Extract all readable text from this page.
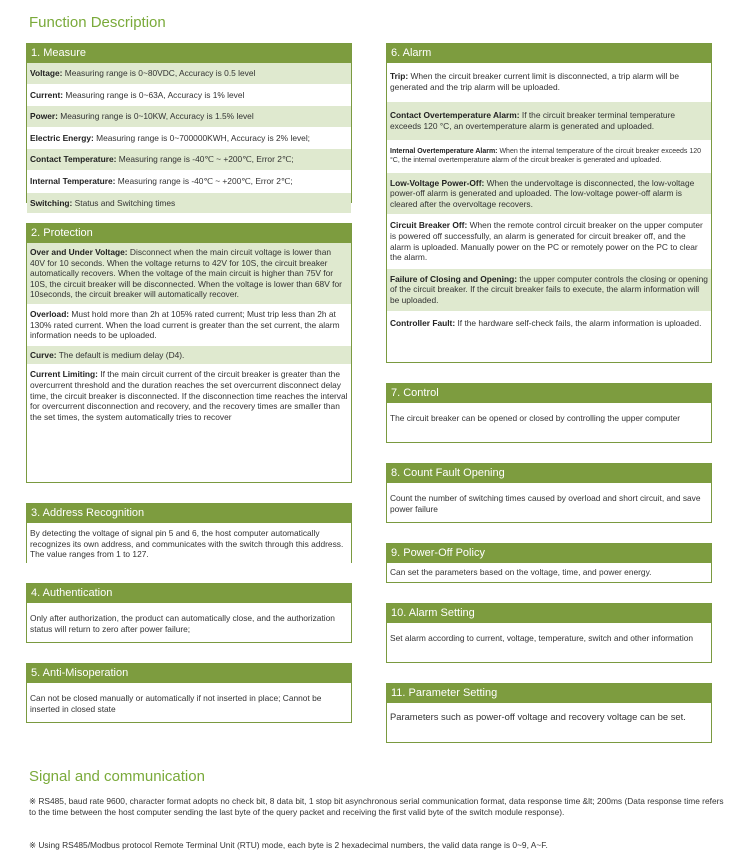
Function Description
1. Measure
Voltage: Measuring range is 0~80VDC, Accuracy is 0.5 level
Current: Measuring range is 0~63A, Accuracy is 1% level
Power: Measuring range is 0~10KW, Accuracy is 1.5% level
Electric Energy: Measuring range is 0~700000KWH, Accuracy is 2% level;
Contact Temperature: Measuring range is -40℃ ~ +200℃, Error 2℃;
Internal Temperature: Measuring range is -40℃ ~ +200℃, Error 2℃;
Switching: Status and Switching times
2. Protection
Over and Under Voltage: Disconnect when the main circuit voltage is lower than 40V for 10 seconds. When the voltage returns to 42V for 10S, the circuit breaker automatically recovers. When the voltage of the main circuit is higher than 75V for 10S, the circuit breaker will be disconnected. When the voltage is lower than 68V for 10seconds, the circuit breaker will automatically recover.
Overload: Must hold more than 2h at 105% rated current; Must trip less than 2h at 130% rated current. When the load current is greater than the set current, the alarm information needs to be uploaded.
Curve: The default is medium delay (D4).
Current Limiting: If the main circuit current of the circuit breaker is greater than the overcurrent threshold and the duration reaches the set overcurrent disconnect delay time, the circuit breaker is disconnected. If the disconnection time reaches the interval for overcurrent disconnection and recovery, and the recovery times are smaller than the set times, the system automatically tries to recover
3. Address Recognition
By detecting the voltage of signal pin 5 and 6, the host computer automatically recognizes its own address, and communicates with the switch through this address. The value ranges from 1 to 127.
4. Authentication
Only after authorization, the product can automatically close, and the authorization status will return to zero after power failure;
5. Anti-Misoperation
Can not be closed manually or automatically if not inserted in place; Cannot be inserted in closed state
6. Alarm
Trip: When the circuit breaker current limit is disconnected, a trip alarm will be generated and the trip alarm will be uploaded.
Contact Overtemperature Alarm: If the circuit breaker terminal temperature exceeds 120 °C, an overtemperature alarm is generated and uploaded.
Internal Overtemperature Alarm: When the internal temperature of the circuit breaker exceeds 120 °C, the internal overtemperature alarm of the circuit breaker is generated and uploaded.
Low-Voltage Power-Off: When the undervoltage is disconnected, the low-voltage power-off alarm is generated and uploaded. The low-voltage power-off alarm is cleared after the overvoltage recovers.
Circuit Breaker Off: When the remote control circuit breaker on the upper computer is powered off successfully, an alarm is generated for circuit breaker off, and the alarm is uploaded. Manually power on the PC or remotely power on the PC to clear the alarm.
Failure of Closing and Opening: the upper computer controls the closing or opening of the circuit breaker. If the circuit breaker fails to execute, the alarm information will be uploaded.
Controller Fault: If the hardware self-check fails, the alarm information is uploaded.
7. Control
The circuit breaker can be opened or closed by controlling the upper computer
8. Count Fault Opening
Count the number of switching times caused by overload and short circuit, and save power failure
9. Power-Off Policy
Can set the parameters based on the voltage, time, and power energy.
10. Alarm Setting
Set alarm according to current, voltage, temperature, switch and other information
11. Parameter Setting
Parameters such as power-off voltage and recovery voltage can be set.
Signal and communication
※ RS485, baud rate 9600, character format adopts no check bit, 8 data bit, 1 stop bit asynchronous serial communication format, data response time &lt; 200ms (Data response time refers to the time between the host computer sending the last byte of the query packet and receiving the first valid byte of the switch module response).
※ Using RS485/Modbus protocol Remote Terminal Unit (RTU) mode, each byte is 2 hexadecimal numbers, the valid data range is 0~9, A~F.
